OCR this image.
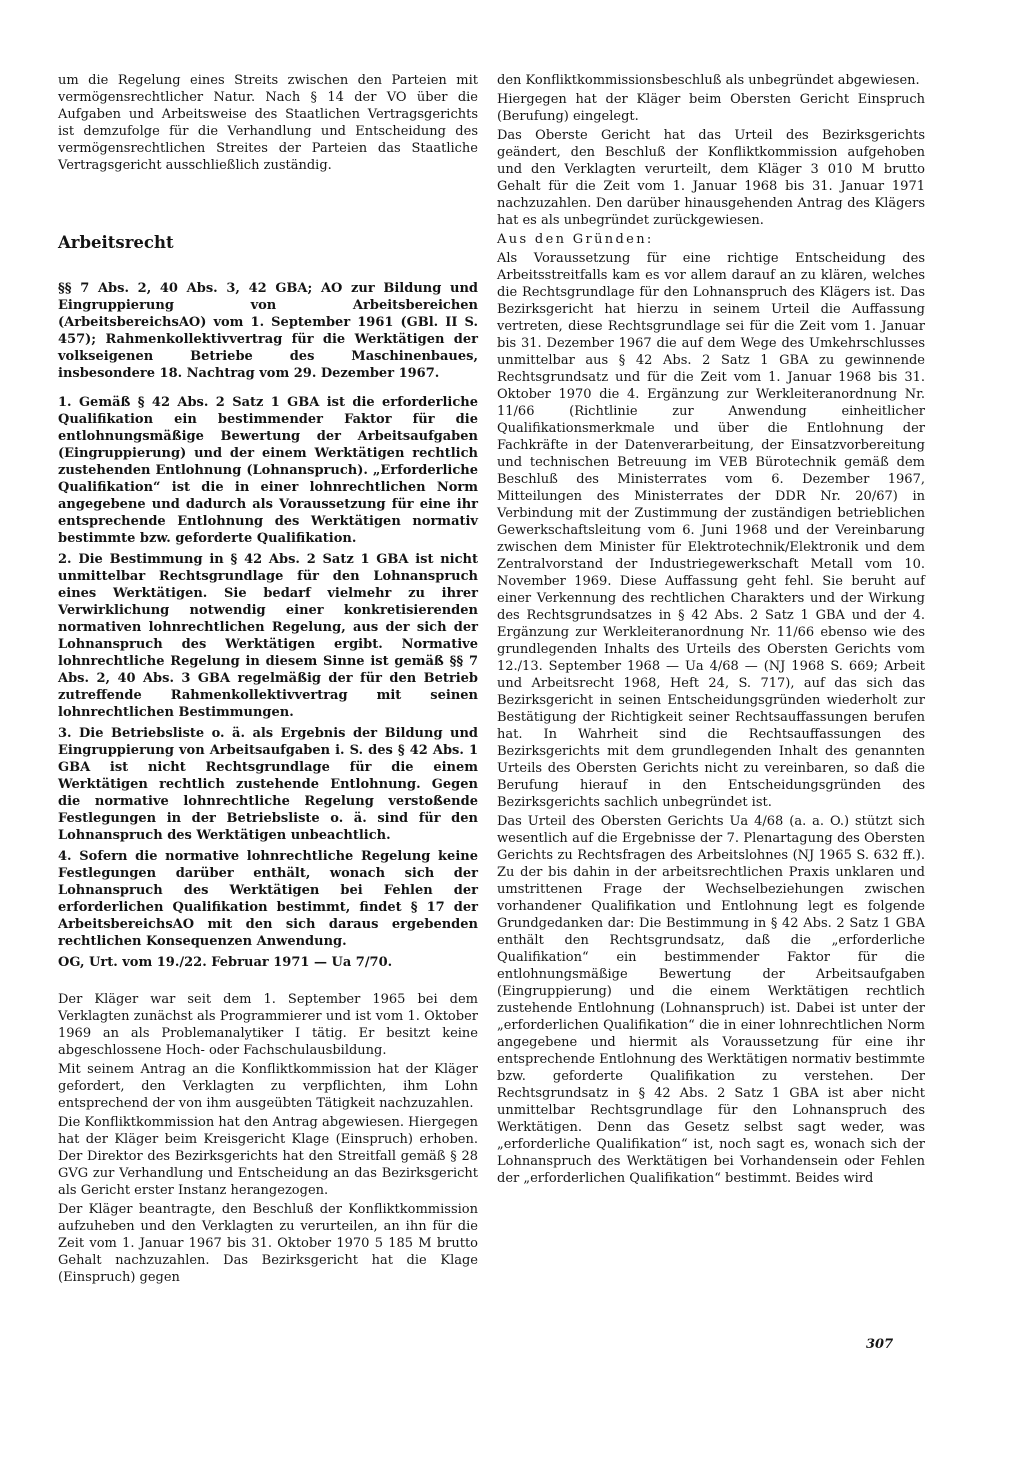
um die Regelung eines Streits zwischen den Parteien mit vermögensrechtlicher Natur. Nach § 14 der VO über die Aufgaben und Arbeitsweise des Staatlichen Vertragsgerichts ist demzufolge für die Verhandlung und Entscheidung des vermögensrechtlichen Streites der Parteien das Staatliche Vertragsgericht ausschließlich zuständig.

Arbeitsrecht

§§ 7 Abs. 2, 40 Abs. 3, 42 GBA; AO zur Bildung und Eingruppierung von Arbeitsbereichen (ArbeitsbereichsAO) vom 1. September 1961 (GBl. II S. 457); Rahmenkollektivvertrag für die Werktätigen der volkseigenen Betriebe des Maschinenbaues, insbesondere 18. Nachtrag vom 29. Dezember 1967.

1. Gemäß § 42 Abs. 2 Satz 1 GBA ist die erforderliche Qualifikation ein bestimmender Faktor für die entlohnungsmäßige Bewertung der Arbeitsaufgaben (Eingruppierung) und der einem Werktätigen rechtlich zustehenden Entlohnung (Lohnanspruch). „Erforderliche Qualifikation“ ist die in einer lohnrechtlichen Norm angegebene und dadurch als Voraussetzung für eine ihr entsprechende Entlohnung des Werktätigen normativ bestimmte bzw. geforderte Qualifikation.

2. Die Bestimmung in § 42 Abs. 2 Satz 1 GBA ist nicht unmittelbar Rechtsgrundlage für den Lohnanspruch eines Werktätigen. Sie bedarf vielmehr zu ihrer Verwirklichung notwendig einer konkretisierenden normativen lohnrechtlichen Regelung, aus der sich der Lohnanspruch des Werktätigen ergibt. Normative lohnrechtliche Regelung in diesem Sinne ist gemäß §§ 7 Abs. 2, 40 Abs. 3 GBA regelmäßig der für den Betrieb zutreffende Rahmenkollektivvertrag mit seinen lohnrechtlichen Bestimmungen.

3. Die Betriebsliste o. ä. als Ergebnis der Bildung und Eingruppierung von Arbeitsaufgaben i. S. des § 42 Abs. 1 GBA ist nicht Rechtsgrundlage für die einem Werktätigen rechtlich zustehende Entlohnung. Gegen die normative lohnrechtliche Regelung verstoßende Festlegungen in der Betriebsliste o. ä. sind für den Lohnanspruch des Werktätigen unbeachtlich.

4. Sofern die normative lohnrechtliche Regelung keine Festlegungen darüber enthält, wonach sich der Lohnanspruch des Werktätigen bei Fehlen der erforderlichen Qualifikation bestimmt, findet § 17 der ArbeitsbereichsAO mit den sich daraus ergebenden rechtlichen Konsequenzen Anwendung.

OG, Urt. vom 19./22. Februar 1971 — Ua 7/70.

Der Kläger war seit dem 1. September 1965 bei dem Verklagten zunächst als Programmierer und ist vom 1. Oktober 1969 an als Problemanalytiker I tätig. Er besitzt keine abgeschlossene Hoch- oder Fachschulausbildung.

Mit seinem Antrag an die Konfliktkommission hat der Kläger gefordert, den Verklagten zu verpflichten, ihm Lohn entsprechend der von ihm ausgeübten Tätigkeit nachzuzahlen.

Die Konfliktkommission hat den Antrag abgewiesen. Hiergegen hat der Kläger beim Kreisgericht Klage (Einspruch) erhoben. Der Direktor des Bezirksgerichts hat den Streitfall gemäß § 28 GVG zur Verhandlung und Entscheidung an das Bezirksgericht als Gericht erster Instanz herangezogen.

Der Kläger beantragte, den Beschluß der Konfliktkommission aufzuheben und den Verklagten zu verurteilen, an ihn für die Zeit vom 1. Januar 1967 bis 31. Oktober 1970 5 185 M brutto Gehalt nachzuzahlen. Das Bezirksgericht hat die Klage (Einspruch) gegen

den Konfliktkommissionsbeschluß als unbegründet abgewiesen.

Hiergegen hat der Kläger beim Obersten Gericht Einspruch (Berufung) eingelegt.

Das Oberste Gericht hat das Urteil des Bezirksgerichts geändert, den Beschluß der Konfliktkommission aufgehoben und den Verklagten verurteilt, dem Kläger 3 010 M brutto Gehalt für die Zeit vom 1. Januar 1968 bis 31. Januar 1971 nachzuzahlen. Den darüber hinausgehenden Antrag des Klägers hat es als unbegründet zurückgewiesen.

Aus den Gründen:

Als Voraussetzung für eine richtige Entscheidung des Arbeitsstreitfalls kam es vor allem darauf an zu klären, welches die Rechtsgrundlage für den Lohnanspruch des Klägers ist. Das Bezirksgericht hat hierzu in seinem Urteil die Auffassung vertreten, diese Rechtsgrundlage sei für die Zeit vom 1. Januar bis 31. Dezember 1967 die auf dem Wege des Umkehrschlusses unmittelbar aus § 42 Abs. 2 Satz 1 GBA zu gewinnende Rechtsgrundsatz und für die Zeit vom 1. Januar 1968 bis 31. Oktober 1970 die 4. Ergänzung zur Werkleiteranordnung Nr. 11/66 (Richtlinie zur Anwendung einheitlicher Qualifikationsmerkmale und über die Entlohnung der Fachkräfte in der Datenverarbeitung, der Einsatzvorbereitung und technischen Betreuung im VEB Bürotechnik gemäß dem Beschluß des Ministerrates vom 6. Dezember 1967, Mitteilungen des Ministerrates der DDR Nr. 20/67) in Verbindung mit der Zustimmung der zuständigen betrieblichen Gewerkschaftsleitung vom 6. Juni 1968 und der Vereinbarung zwischen dem Minister für Elektrotechnik/Elektronik und dem Zentralvorstand der Industriegewerkschaft Metall vom 10. November 1969. Diese Auffassung geht fehl. Sie beruht auf einer Verkennung des rechtlichen Charakters und der Wirkung des Rechtsgrundsatzes in § 42 Abs. 2 Satz 1 GBA und der 4. Ergänzung zur Werkleiteranordnung Nr. 11/66 ebenso wie des grundlegenden Inhalts des Urteils des Obersten Gerichts vom 12./13. September 1968 — Ua 4/68 — (NJ 1968 S. 669; Arbeit und Arbeitsrecht 1968, Heft 24, S. 717), auf das sich das Bezirksgericht in seinen Entscheidungsgründen wiederholt zur Bestätigung der Richtigkeit seiner Rechtsauffassungen berufen hat. In Wahrheit sind die Rechtsauffassungen des Bezirksgerichts mit dem grundlegenden Inhalt des genannten Urteils des Obersten Gerichts nicht zu vereinbaren, so daß die Berufung hierauf in den Entscheidungsgründen des Bezirksgerichts sachlich unbegründet ist.

Das Urteil des Obersten Gerichts Ua 4/68 (a. a. O.) stützt sich wesentlich auf die Ergebnisse der 7. Plenartagung des Obersten Gerichts zu Rechtsfragen des Arbeitslohnes (NJ 1965 S. 632 ff.). Zu der bis dahin in der arbeitsrechtlichen Praxis unklaren und umstrittenen Frage der Wechselbeziehungen zwischen vorhandener Qualifikation und Entlohnung legt es folgende Grundgedanken dar: Die Bestimmung in § 42 Abs. 2 Satz 1 GBA enthält den Rechtsgrundsatz, daß die „erforderliche Qualifikation“ ein bestimmender Faktor für die entlohnungsmäßige Bewertung der Arbeitsaufgaben (Eingruppierung) und die einem Werktätigen rechtlich zustehende Entlohnung (Lohnanspruch) ist. Dabei ist unter der „erforderlichen Qualifikation“ die in einer lohnrechtlichen Norm angegebene und hiermit als Voraussetzung für eine ihr entsprechende Entlohnung des Werktätigen normativ bestimmte bzw. geforderte Qualifikation zu verstehen. Der Rechtsgrundsatz in § 42 Abs. 2 Satz 1 GBA ist aber nicht unmittelbar Rechtsgrundlage für den Lohnanspruch des Werktätigen. Denn das Gesetz selbst sagt weder, was „erforderliche Qualifikation“ ist, noch sagt es, wonach sich der Lohnanspruch des Werktätigen bei Vorhandensein oder Fehlen der „erforderlichen Qualifikation“ bestimmt. Beides wird

307
